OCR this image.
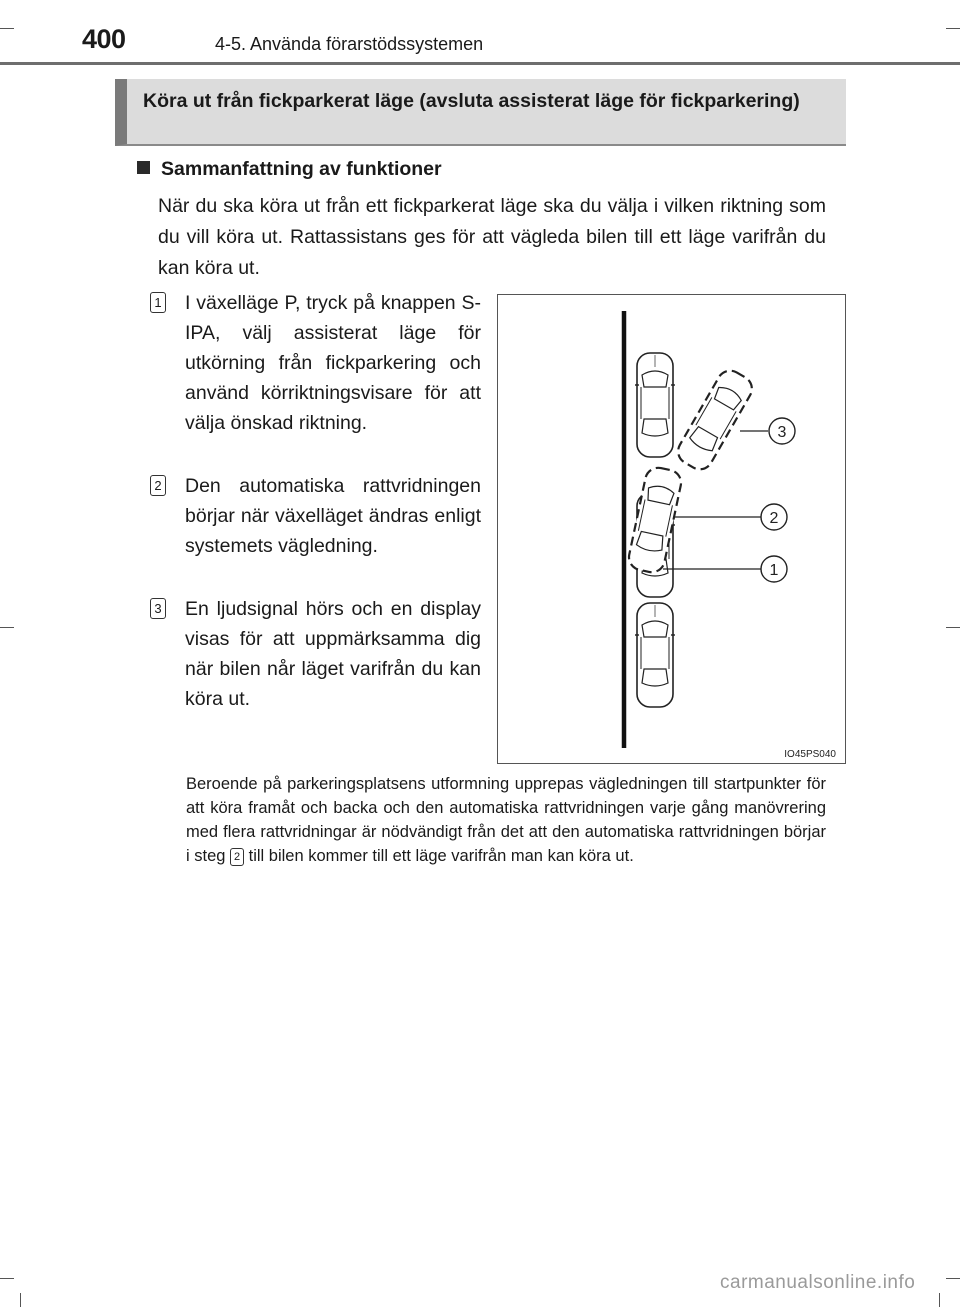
400	4-5. Använda förarstödssystemen
Köra ut från fickparkerat läge (avsluta assisterat läge för fickparkering)
Sammanfattning av funktioner
När du ska köra ut från ett fickparkerat läge ska du välja i vilken riktning som du vill köra ut. Rattassistans ges för att vägleda bilen till ett läge varifrån du kan köra ut.
1 I växelläge P, tryck på knappen S-IPA, välj assisterat läge för utkörning från fickparkering och använd körriktningsvisare för att välja önskad riktning.
2 Den automatiska rattvridningen börjar när växelläget ändras enligt systemets vägledning.
3 En ljudsignal hörs och en display visas för att uppmärksamma dig när bilen når läget varifrån du kan köra ut.
3
2
1
IO45PS040
Beroende på parkeringsplatsens utformning upprepas vägledningen till startpunkter för att köra framåt och backa och den automatiska rattvridningen varje gång manövrering med flera rattvridningar är nödvändigt från det att den automatiska rattvridningen börjar i steg 2 till bilen kommer till ett läge varifrån man kan köra ut.
carmanualsonline.info
